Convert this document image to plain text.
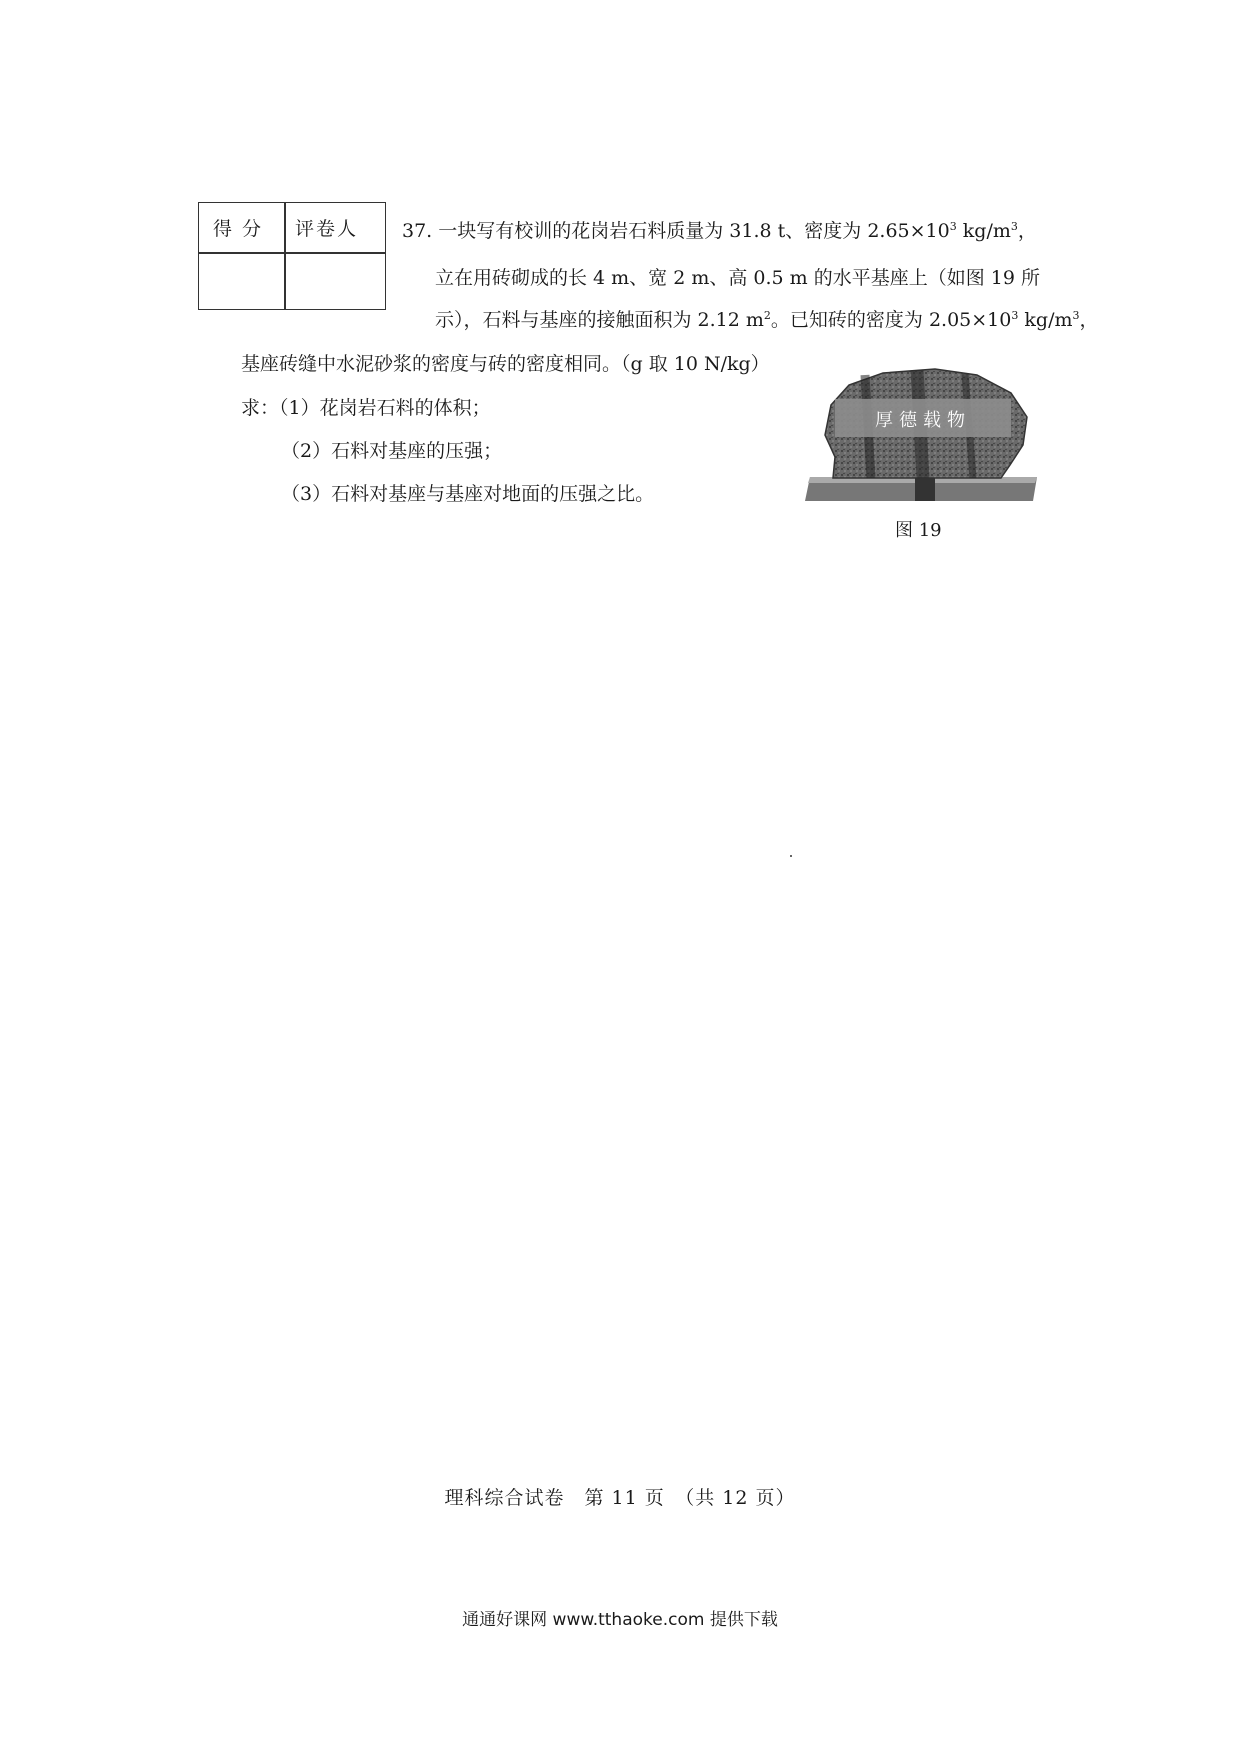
得 分 评卷人 37. 一块写有校训的花岗岩石料质量为 31.8 t、密度为 $2.65\times 10^3$ $kg/m^3$，
立在用砖砌成的长 4 m、宽 2 m、高 0.5 m 的水平基座上（如图 19 所
示），石料与基座的接触面积为 2.12 $m^2$。已知砖的密度为 $2.05\times 10^3$ $kg/m^3$，
基座砖缝中水泥砂浆的密度与砖的密度相同。（g 取 10 N/kg）
求：（1）花岗岩石料的体积；
（2）石料对基座的压强；
（3）石料对基座与基座对地面的压强之比。
厚德载物
图 19
理科综合试卷　第 11 页　（共 12 页）
通通好课网 www.tthaoke.com 提供下载
